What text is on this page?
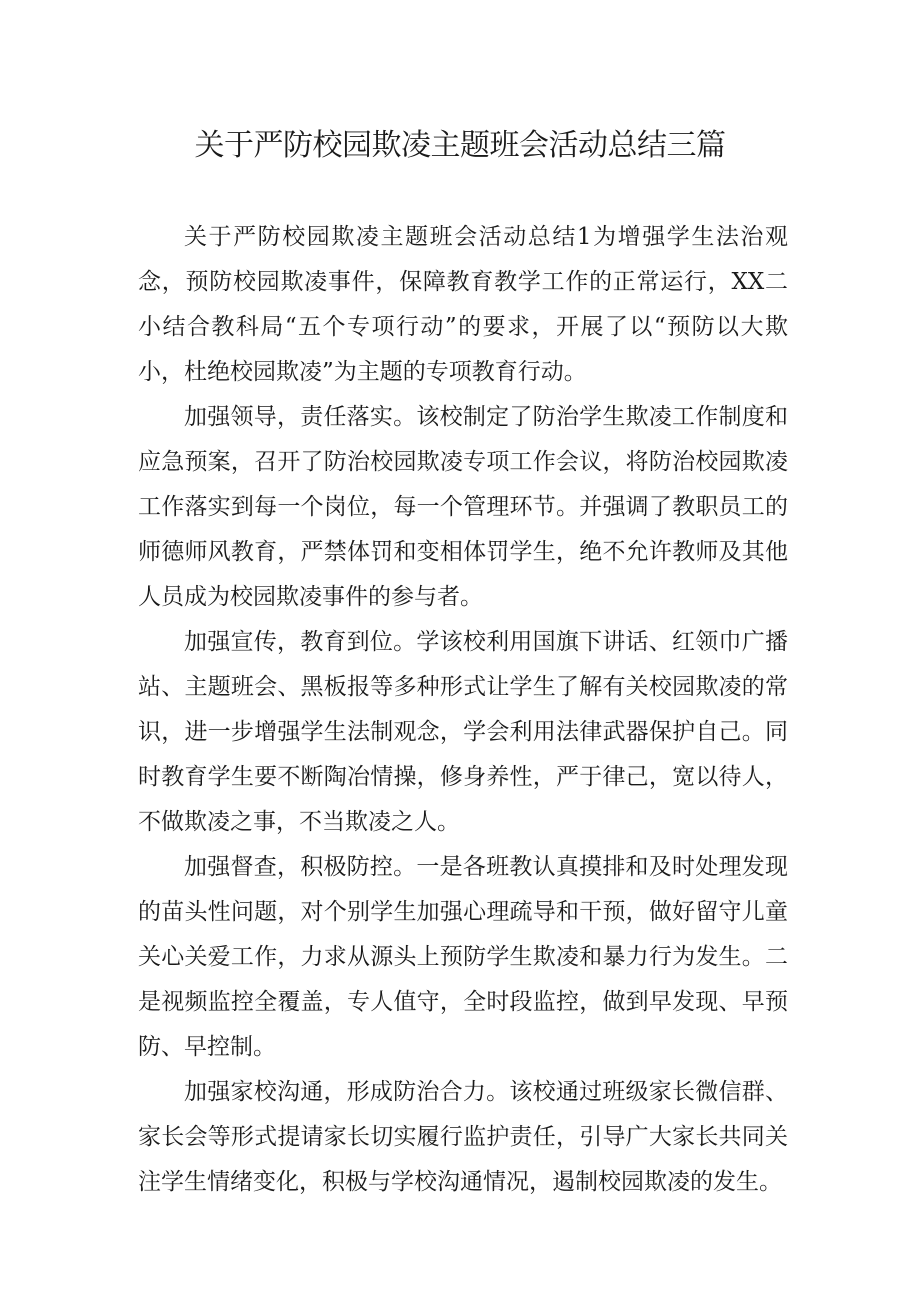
关于严防校园欺凌主题班会活动总结三篇

关于严防校园欺凌主题班会活动总结1为增强学生法治观念，预防校园欺凌事件，保障教育教学工作的正常运行，XX二小结合教科局“五个专项行动”的要求，开展了以“预防以大欺小，杜绝校园欺凌”为主题的专项教育行动。

加强领导，责任落实。该校制定了防治学生欺凌工作制度和应急预案，召开了防治校园欺凌专项工作会议，将防治校园欺凌工作落实到每一个岗位，每一个管理环节。并强调了教职员工的师德师风教育，严禁体罚和变相体罚学生，绝不允许教师及其他人员成为校园欺凌事件的参与者。

加强宣传，教育到位。学该校利用国旗下讲话、红领巾广播站、主题班会、黑板报等多种形式让学生了解有关校园欺凌的常识，进一步增强学生法制观念，学会利用法律武器保护自己。同时教育学生要不断陶冶情操，修身养性，严于律己，宽以待人，不做欺凌之事，不当欺凌之人。

加强督查，积极防控。一是各班教认真摸排和及时处理发现的苗头性问题，对个别学生加强心理疏导和干预，做好留守儿童关心关爱工作，力求从源头上预防学生欺凌和暴力行为发生。二是视频监控全覆盖，专人值守，全时段监控，做到早发现、早预防、早控制。

加强家校沟通，形成防治合力。该校通过班级家长微信群、家长会等形式提请家长切实履行监护责任，引导广大家长共同关注学生情绪变化，积极与学校沟通情况，遏制校园欺凌的发生。
